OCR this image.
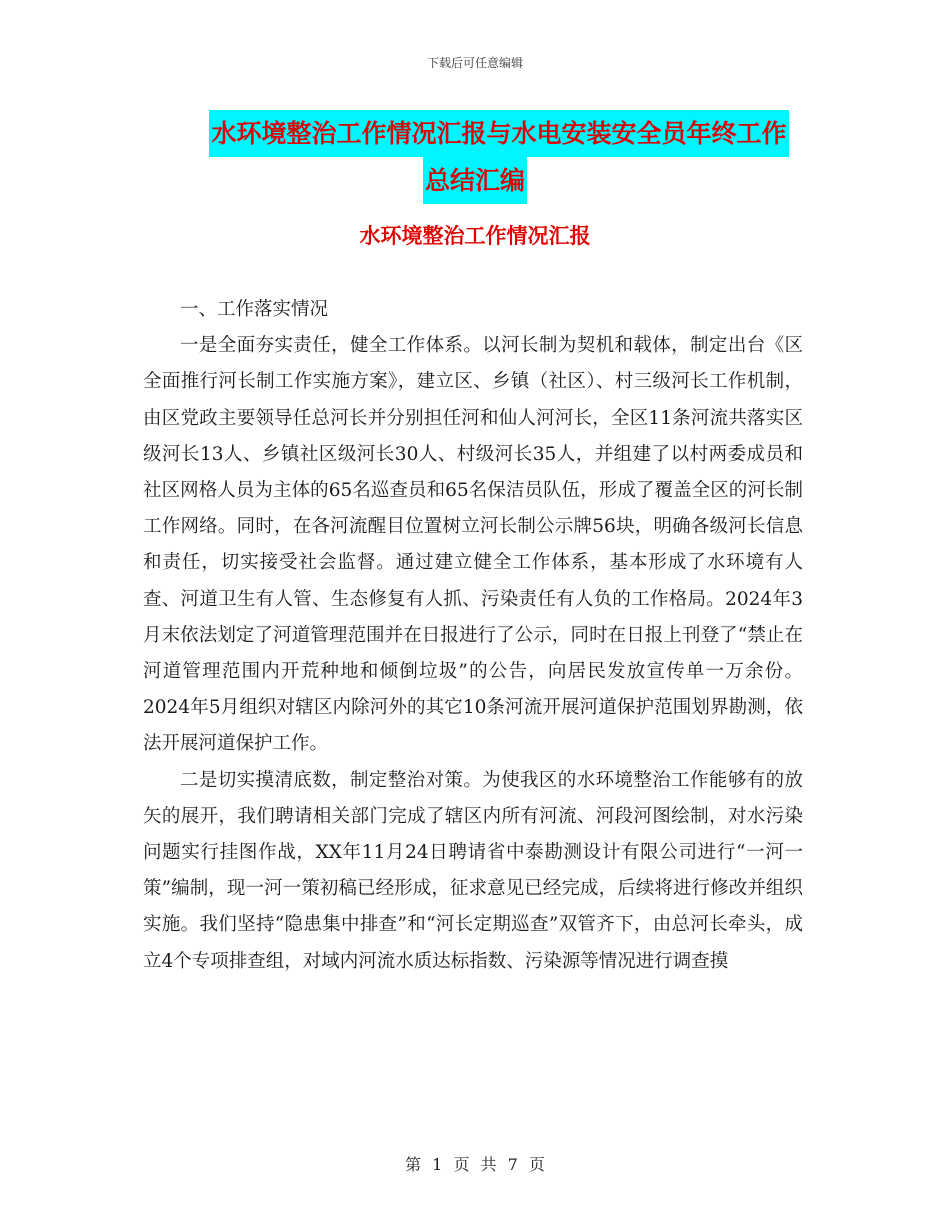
下载后可任意编辑
水环境整治工作情况汇报与水电安装安全员年终工作
总结汇编
水环境整治工作情况汇报

一、工作落实情况

一是全面夯实责任，健全工作体系。以河长制为契机和载体，制定出台《区全面推行河长制工作实施方案》，建立区、乡镇（社区）、村三级河长工作机制，由区党政主要领导任总河长并分别担任河和仙人河河长，全区11条河流共落实区级河长13人、乡镇社区级河长30人、村级河长35人，并组建了以村两委成员和社区网格人员为主体的65名巡查员和65名保洁员队伍，形成了覆盖全区的河长制工作网络。同时，在各河流醒目位置树立河长制公示牌56块，明确各级河长信息和责任，切实接受社会监督。通过建立健全工作体系，基本形成了水环境有人查、河道卫生有人管、生态修复有人抓、污染责任有人负的工作格局。2024年3月末依法划定了河道管理范围并在日报进行了公示，同时在日报上刊登了“禁止在河道管理范围内开荒种地和倾倒垃圾”的公告，向居民发放宣传单一万余份。2024年5月组织对辖区内除河外的其它10条河流开展河道保护范围划界勘测，依法开展河道保护工作。

二是切实摸清底数，制定整治对策。为使我区的水环境整治工作能够有的放矢的展开，我们聘请相关部门完成了辖区内所有河流、河段河图绘制，对水污染问题实行挂图作战，XX年11月24日聘请省中泰勘测设计有限公司进行“一河一策”编制，现一河一策初稿已经形成，征求意见已经完成，后续将进行修改并组织实施。我们坚持“隐患集中排查”和“河长定期巡查”双管齐下，由总河长牵头，成立4个专项排查组，对域内河流水质达标指数、污染源等情况进行调查摸

第 1 页 共 7 页
